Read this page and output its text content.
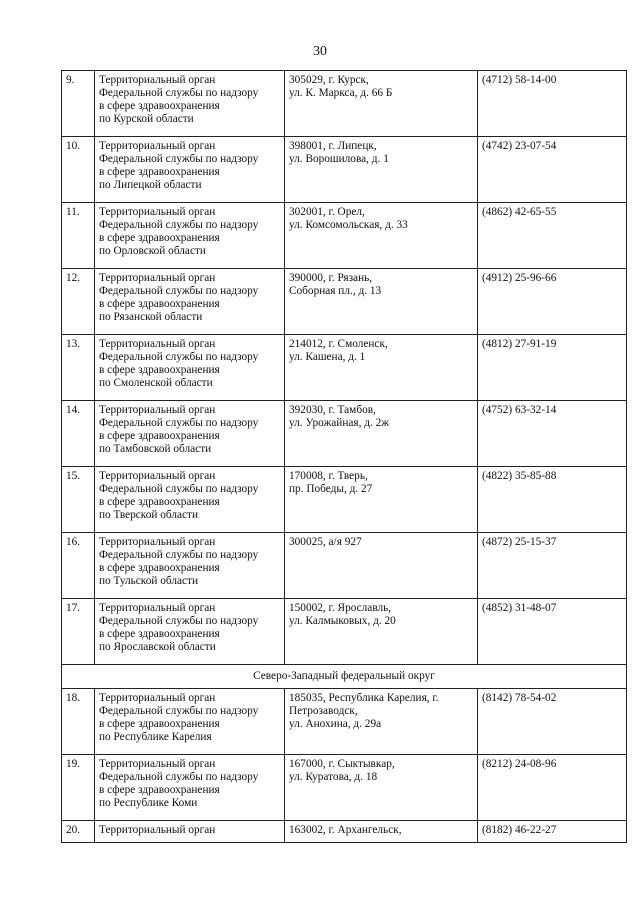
30
9.	Территориальный орган
Федеральной службы по надзору
в сфере здравоохранения
по Курской области	305029, г. Курск,
ул. К. Маркса, д. 66 Б	(4712) 58-14-00
10.	Территориальный орган
Федеральной службы по надзору
в сфере здравоохранения
по Липецкой области	398001, г. Липецк,
ул. Ворошилова, д. 1	(4742) 23-07-54
11.	Территориальный орган
Федеральной службы по надзору
в сфере здравоохранения
по Орловской области	302001, г. Орел,
ул. Комсомольская, д. 33	(4862) 42-65-55
12.	Территориальный орган
Федеральной службы по надзору
в сфере здравоохранения
по Рязанской области	390000, г. Рязань,
Соборная пл., д. 13	(4912) 25-96-66
13.	Территориальный орган
Федеральной службы по надзору
в сфере здравоохранения
по Смоленской области	214012, г. Смоленск,
ул. Кашена, д. 1	(4812) 27-91-19
14.	Территориальный орган
Федеральной службы по надзору
в сфере здравоохранения
по Тамбовской области	392030, г. Тамбов,
ул. Урожайная, д. 2ж	(4752) 63-32-14
15.	Территориальный орган
Федеральной службы по надзору
в сфере здравоохранения
по Тверской области	170008, г. Тверь,
пр. Победы, д. 27	(4822) 35-85-88
16.	Территориальный орган
Федеральной службы по надзору
в сфере здравоохранения
по Тульской области	300025, а/я 927	(4872) 25-15-37
17.	Территориальный орган
Федеральной службы по надзору
в сфере здравоохранения
по Ярославской области	150002, г. Ярославль,
ул. Калмыковых, д. 20	(4852) 31-48-07
Северо-Западный федеральный округ			
18.	Территориальный орган
Федеральной службы по надзору
в сфере здравоохранения
по Республике Карелия	185035, Республика Карелия, г.
Петрозаводск,
ул. Анохина, д. 29а	(8142) 78-54-02
19.	Территориальный орган
Федеральной службы по надзору
в сфере здравоохранения
по Республике Коми	167000, г. Сыктывкар,
ул. Куратова, д. 18	(8212) 24-08-96
20.	Территориальный орган	163002, г. Архангельск,	(8182) 46-22-27
